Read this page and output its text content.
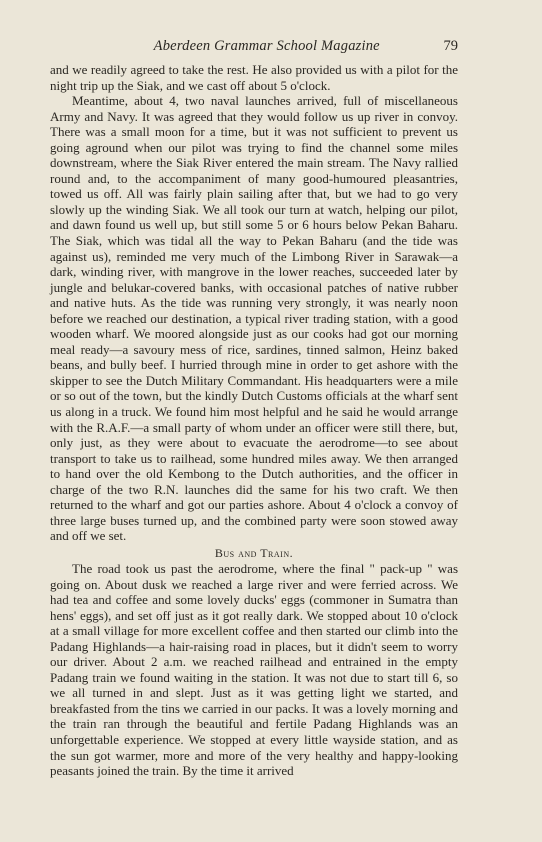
Aberdeen Grammar School Magazine	79

and we readily agreed to take the rest. He also provided us with a pilot for the night trip up the Siak, and we cast off about 5 o'clock.

Meantime, about 4, two naval launches arrived, full of miscellaneous Army and Navy. It was agreed that they would follow us up river in convoy. There was a small moon for a time, but it was not sufficient to prevent us going aground when our pilot was trying to find the channel some miles downstream, where the Siak River entered the main stream. The Navy rallied round and, to the accompaniment of many good-humoured pleasantries, towed us off. All was fairly plain sailing after that, but we had to go very slowly up the winding Siak. We all took our turn at watch, helping our pilot, and dawn found us well up, but still some 5 or 6 hours below Pekan Baharu. The Siak, which was tidal all the way to Pekan Baharu (and the tide was against us), reminded me very much of the Limbong River in Sarawak—a dark, winding river, with mangrove in the lower reaches, succeeded later by jungle and belukar-covered banks, with occasional patches of native rubber and native huts. As the tide was running very strongly, it was nearly noon before we reached our destination, a typical river trading station, with a good wooden wharf. We moored alongside just as our cooks had got our morning meal ready—a savoury mess of rice, sardines, tinned salmon, Heinz baked beans, and bully beef. I hurried through mine in order to get ashore with the skipper to see the Dutch Military Commandant. His headquarters were a mile or so out of the town, but the kindly Dutch Customs officials at the wharf sent us along in a truck. We found him most helpful and he said he would arrange with the R.A.F.—a small party of whom under an officer were still there, but, only just, as they were about to evacuate the aerodrome—to see about transport to take us to railhead, some hundred miles away. We then arranged to hand over the old Kembong to the Dutch authorities, and the officer in charge of the two R.N. launches did the same for his two craft. We then returned to the wharf and got our parties ashore. About 4 o'clock a convoy of three large buses turned up, and the combined party were soon stowed away and off we set.

Bus and Train.

The road took us past the aerodrome, where the final " pack-up " was going on. About dusk we reached a large river and were ferried across. We had tea and coffee and some lovely ducks' eggs (commoner in Sumatra than hens' eggs), and set off just as it got really dark. We stopped about 10 o'clock at a small village for more excellent coffee and then started our climb into the Padang Highlands—a hair-raising road in places, but it didn't seem to worry our driver. About 2 a.m. we reached railhead and entrained in the empty Padang train we found waiting in the station. It was not due to start till 6, so we all turned in and slept. Just as it was getting light we started, and breakfasted from the tins we carried in our packs. It was a lovely morning and the train ran through the beautiful and fertile Padang Highlands was an unforgettable experience. We stopped at every little wayside station, and as the sun got warmer, more and more of the very healthy and happy-looking peasants joined the train. By the time it arrived
